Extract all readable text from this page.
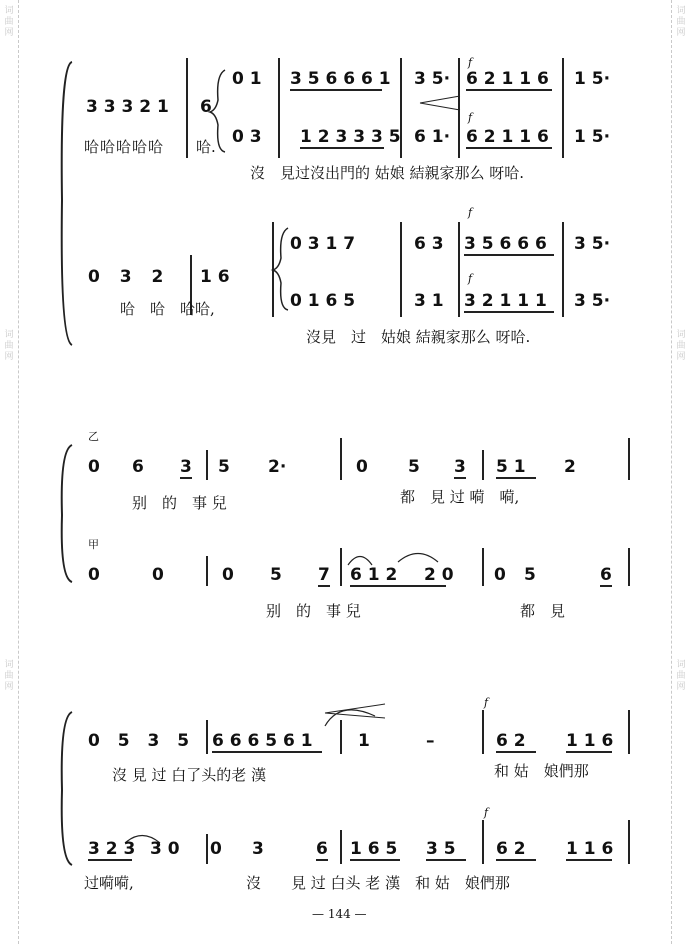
词曲网
词曲网
词曲网
词曲网
词曲网
词曲网
3 3 3 2 1 6
0 1 3 5 6 6 6 1 3 5· 6 2 1 1 6 1 5·
0 3 1 2 3 3 3 5 6 1· 6 2 1 1 6 1 5·
f
f
哈哈哈哈哈 哈.
沒　見过沒出門的 姑娘 結親家那么 呀哈.
0 3 1 7	6 3 3 5 6 6 6 3 5·
0 3 2 1 6
0 1 6 5	3 1 3 2 1 1 1 3 5·
f
f
哈　哈　哈哈,
沒見　过　姑娘 結親家那么 呀哈.
乙
甲
0 6 3 5 2·	0 5 3 5 1 2
别　的　事 兒	都　見 过 嗬　嗬,
0	0	0 5 7 6 1 2 2 0 0 5	6
别　的　事 兒	都　見
0 5 3 5 6 6 6 5 6 1	1	–	6 2 1 1 6
f
沒 見 过 白了头的老 漢	和 姑　娘們那
3 2 3 3 0 0 3	6 1 6 5 3 5 6 2 1 1 6
f
过嗬嗬,	沒　　見 过 白头 老 漢　和 姑　娘們那
— 144 —
